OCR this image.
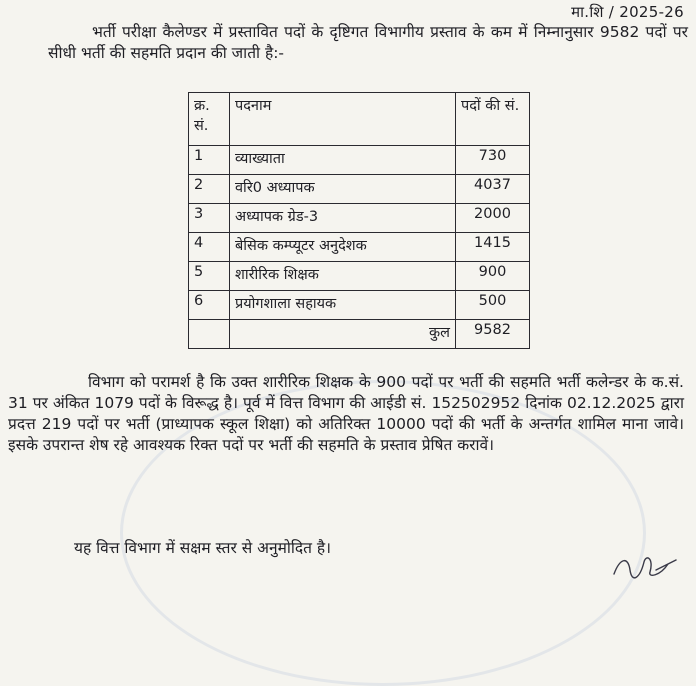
मा.शि / 2025-26

भर्ती परीक्षा कैलेण्डर में प्रस्तावित पदों के दृष्टिगत विभागीय प्रस्ताव के कम में निम्नानुसार 9582 पदों पर सीधी भर्ती की सहमति प्रदान की जाती है:-

क्र. सं.	पदनाम	पदों की सं.
1	व्याख्याता	730
2	वरि0 अध्यापक	4037
3	अध्यापक ग्रेड-3	2000
4	बेसिक कम्प्यूटर अनुदेशक	1415
5	शारीरिक शिक्षक	900
6	प्रयोगशाला सहायक	500
	कुल	9582

विभाग को परामर्श है कि उक्त शारीरिक शिक्षक के 900 पदों पर भर्ती की सहमति भर्ती कलेन्डर के क.सं. 31 पर अंकित 1079 पदों के विरूद्ध है। पूर्व में वित्त विभाग की आईडी सं. 152502952 दिनांक 02.12.2025 द्वारा प्रदत्त 219 पदों पर भर्ती (प्राध्यापक स्कूल शिक्षा) को अतिरिक्त 10000 पदों की भर्ती के अन्तर्गत शामिल माना जावे। इसके उपरान्त शेष रहे आवश्यक रिक्त पदों पर भर्ती की सहमति के प्रस्ताव प्रेषित करावें।

यह वित्त विभाग में सक्षम स्तर से अनुमोदित है।
